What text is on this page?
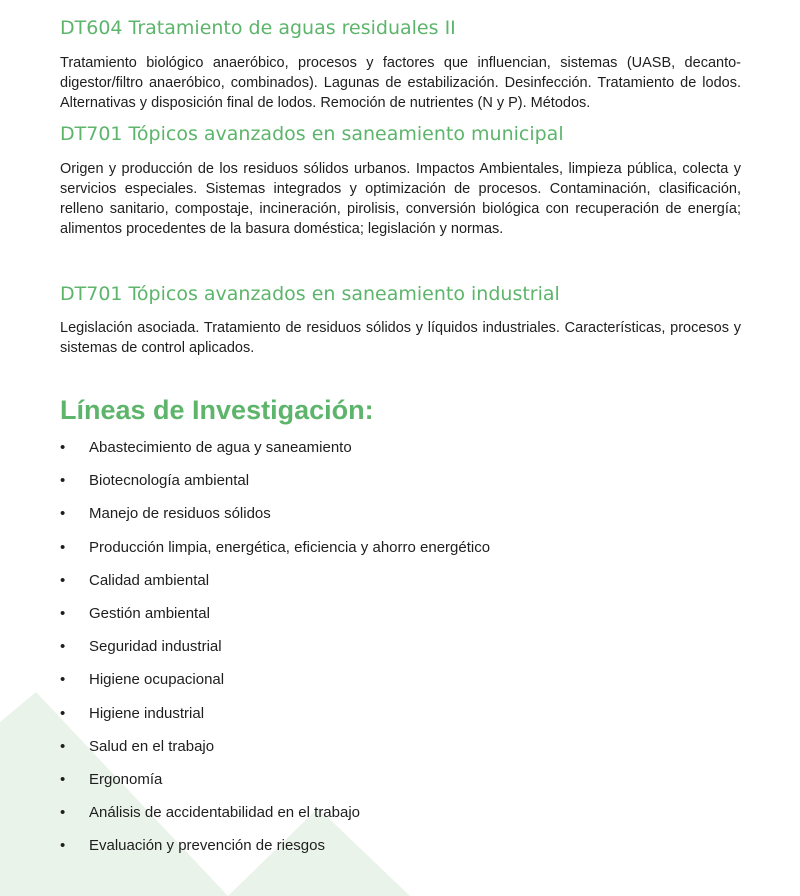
DT604 Tratamiento de aguas residuales II

Tratamiento biológico anaeróbico, procesos y factores que influencian, sistemas (UASB, decanto-digestor/filtro anaeróbico, combinados). Lagunas de estabilización. Desinfección. Tratamiento de lodos. Alternativas y disposición final de lodos. Remoción de nutrientes (N y P). Métodos.

DT701 Tópicos avanzados en saneamiento municipal

Origen y producción de los residuos sólidos urbanos. Impactos Ambientales, limpieza pública, colecta y servicios especiales. Sistemas integrados y optimización de procesos. Contaminación, clasificación, relleno sanitario, compostaje, incineración, pirolisis, conversión biológica con recuperación de energía; alimentos procedentes de la basura doméstica; legislación y normas.

DT701 Tópicos avanzados en saneamiento industrial

Legislación asociada. Tratamiento de residuos sólidos y líquidos industriales. Características, procesos y sistemas de control aplicados.

Líneas de Investigación:
•	Abastecimiento de agua y saneamiento
•	Biotecnología ambiental
•	Manejo de residuos sólidos
•	Producción limpia, energética, eficiencia y ahorro energético
•	Calidad ambiental
•	Gestión ambiental
•	Seguridad industrial
•	Higiene ocupacional
•	Higiene industrial
•	Salud en el trabajo
•	Ergonomía
•	Análisis de accidentabilidad en el trabajo
•	Evaluación y prevención de riesgos
